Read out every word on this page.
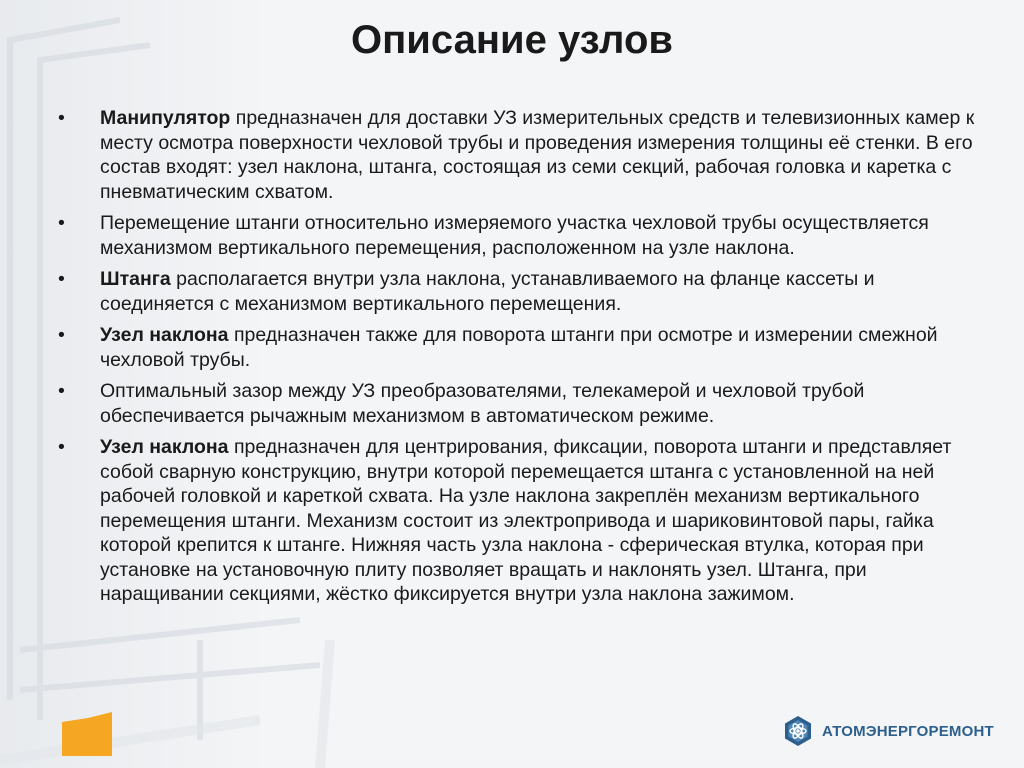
Описание узлов
•	Манипулятор предназначен для доставки УЗ измерительных средств и телевизионных камер к месту осмотра поверхности чехловой трубы и проведения измерения толщины её стенки. В его состав входят: узел наклона, штанга, состоящая из семи секций, рабочая головка и каретка с пневматическим схватом.
•	Перемещение штанги относительно измеряемого участка чехловой трубы осуществляется механизмом вертикального перемещения, расположенном на узле наклона.
•	Штанга располагается внутри узла наклона, устанавливаемого на фланце кассеты и соединяется с механизмом вертикального перемещения.
•	Узел наклона предназначен также для поворота штанги при осмотре и измерении смежной чехловой трубы.
•	Оптимальный зазор между УЗ преобразователями, телекамерой и чехловой трубой обеспечивается рычажным механизмом в автоматическом режиме.
•	Узел наклона предназначен для центрирования, фиксации, поворота штанги и представляет собой сварную конструкцию, внутри которой перемещается штанга с установленной на ней рабочей головкой и кареткой схвата. На узле наклона закреплён механизм вертикального перемещения штанги. Механизм состоит из электропривода и шариковинтовой пары, гайка которой крепится к штанге. Нижняя часть узла наклона - сферическая втулка, которая при установке на установочную плиту позволяет вращать и наклонять узел. Штанга, при наращивании секциями, жёстко фиксируется внутри узла наклона зажимом.
АТОМЭНЕРГОРЕМОНТ
